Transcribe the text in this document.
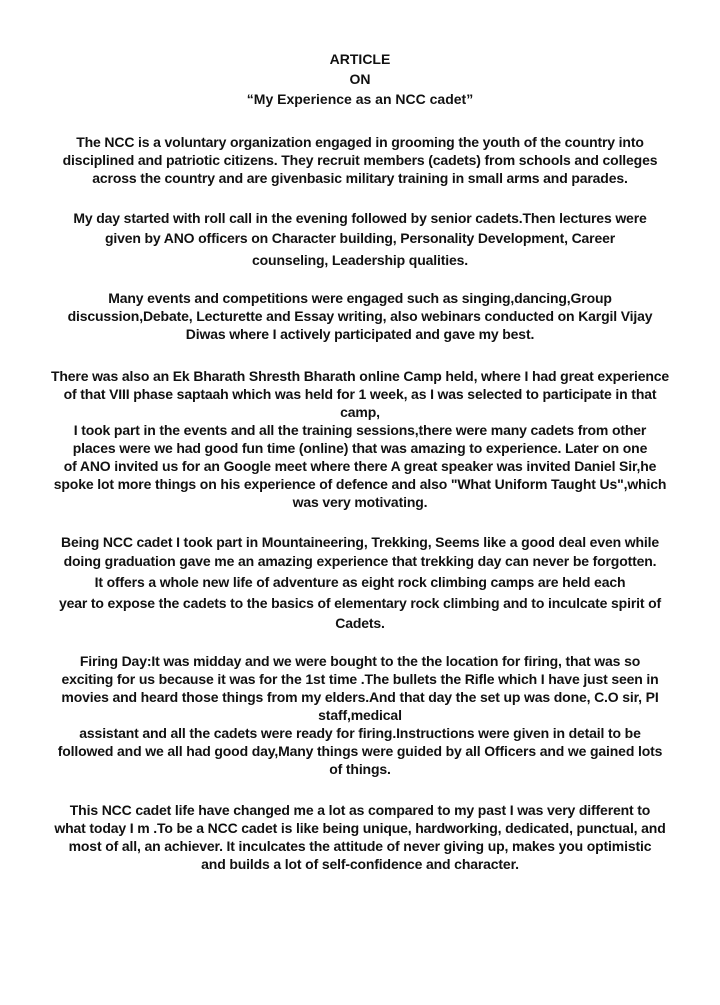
ARTICLE
ON
“My Experience as an NCC cadet”
The NCC is a voluntary organization engaged in grooming the youth of the country into
disciplined and patriotic citizens. They recruit members (cadets) from schools and colleges
across the country and are givenbasic military training in small arms and parades.
My day started with roll call in the evening followed by senior cadets.Then lectures were
given by ANO officers on Character building, Personality Development, Career
counseling, Leadership qualities.
Many events and competitions were engaged such as singing,dancing,Group
discussion,Debate, Lecturette and Essay writing, also webinars conducted on Kargil Vijay
Diwas where I actively participated and gave my best.
There was also an Ek Bharath Shresth Bharath online Camp held, where I had great experience
of that VIII phase saptaah which was held for 1 week, as I was selected to participate in that
camp,
I took part in the events and all the training sessions,there were many cadets from other
places were we had good fun time (online) that was amazing to experience. Later on one
of ANO invited us for an Google meet where there A great speaker was invited Daniel Sir,he
spoke lot more things on his experience of defence and also "What Uniform Taught Us",which
was very motivating.
Being NCC cadet I took part in Mountaineering, Trekking, Seems like a good deal even while
doing graduation gave me an amazing experience that trekking day can never be forgotten.
It offers a whole new life of adventure as eight rock climbing camps are held each
year to expose the cadets to the basics of elementary rock climbing and to inculcate spirit of
Cadets.
Firing Day:It was midday and we were bought to the the location for firing, that was so
exciting for us because it was for the 1st time .The bullets the Rifle which I have just seen in
movies and heard those things from my elders.And that day the set up was done, C.O sir, PI
staff,medical
assistant and all the cadets were ready for firing.Instructions were given in detail to be
followed and we all had good day,Many things were guided by all Officers and we gained lots
of things.
This NCC cadet life have changed me a lot as compared to my past I was very different to
what today I m .To be a NCC cadet is like being unique, hardworking, dedicated, punctual, and
most of all, an achiever. It inculcates the attitude of never giving up, makes you optimistic
and builds a lot of self-confidence and character.
